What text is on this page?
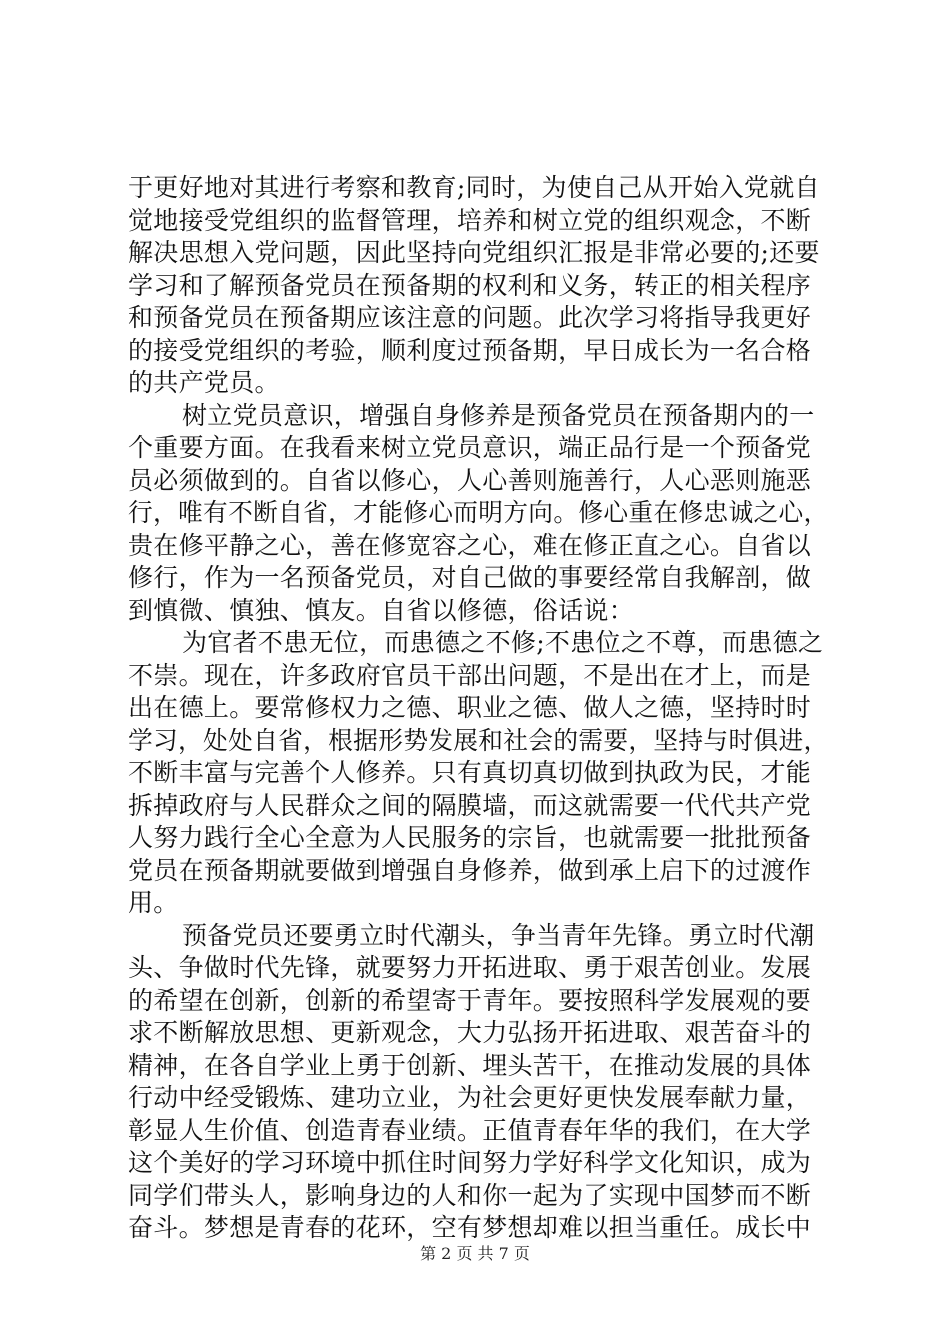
于更好地对其进行考察和教育;同时，为使自己从开始入党就自
觉地接受党组织的监督管理，培养和树立党的组织观念，不断
解决思想入党问题，因此坚持向党组织汇报是非常必要的;还要
学习和了解预备党员在预备期的权利和义务，转正的相关程序
和预备党员在预备期应该注意的问题。此次学习将指导我更好
的接受党组织的考验，顺利度过预备期，早日成长为一名合格
的共产党员。
树立党员意识，增强自身修养是预备党员在预备期内的一
个重要方面。在我看来树立党员意识，端正品行是一个预备党
员必须做到的。自省以修心，人心善则施善行，人心恶则施恶
行，唯有不断自省，才能修心而明方向。修心重在修忠诚之心，
贵在修平静之心，善在修宽容之心，难在修正直之心。自省以
修行，作为一名预备党员，对自己做的事要经常自我解剖，做
到慎微、慎独、慎友。自省以修德，俗话说：
为官者不患无位，而患德之不修;不患位之不尊，而患德之
不崇。现在，许多政府官员干部出问题，不是出在才上，而是
出在德上。要常修权力之德、职业之德、做人之德，坚持时时
学习，处处自省，根据形势发展和社会的需要，坚持与时俱进，
不断丰富与完善个人修养。只有真切真切做到执政为民，才能
拆掉政府与人民群众之间的隔膜墙，而这就需要一代代共产党
人努力践行全心全意为人民服务的宗旨，也就需要一批批预备
党员在预备期就要做到增强自身修养，做到承上启下的过渡作
用。
预备党员还要勇立时代潮头，争当青年先锋。勇立时代潮
头、争做时代先锋，就要努力开拓进取、勇于艰苦创业。发展
的希望在创新，创新的希望寄于青年。要按照科学发展观的要
求不断解放思想、更新观念，大力弘扬开拓进取、艰苦奋斗的
精神，在各自学业上勇于创新、埋头苦干，在推动发展的具体
行动中经受锻炼、建功立业，为社会更好更快发展奉献力量，
彰显人生价值、创造青春业绩。正值青春年华的我们，在大学
这个美好的学习环境中抓住时间努力学好科学文化知识，成为
同学们带头人，影响身边的人和你一起为了实现中国梦而不断
奋斗。梦想是青春的花环，空有梦想却难以担当重任。成长中
第 2 页 共 7 页
